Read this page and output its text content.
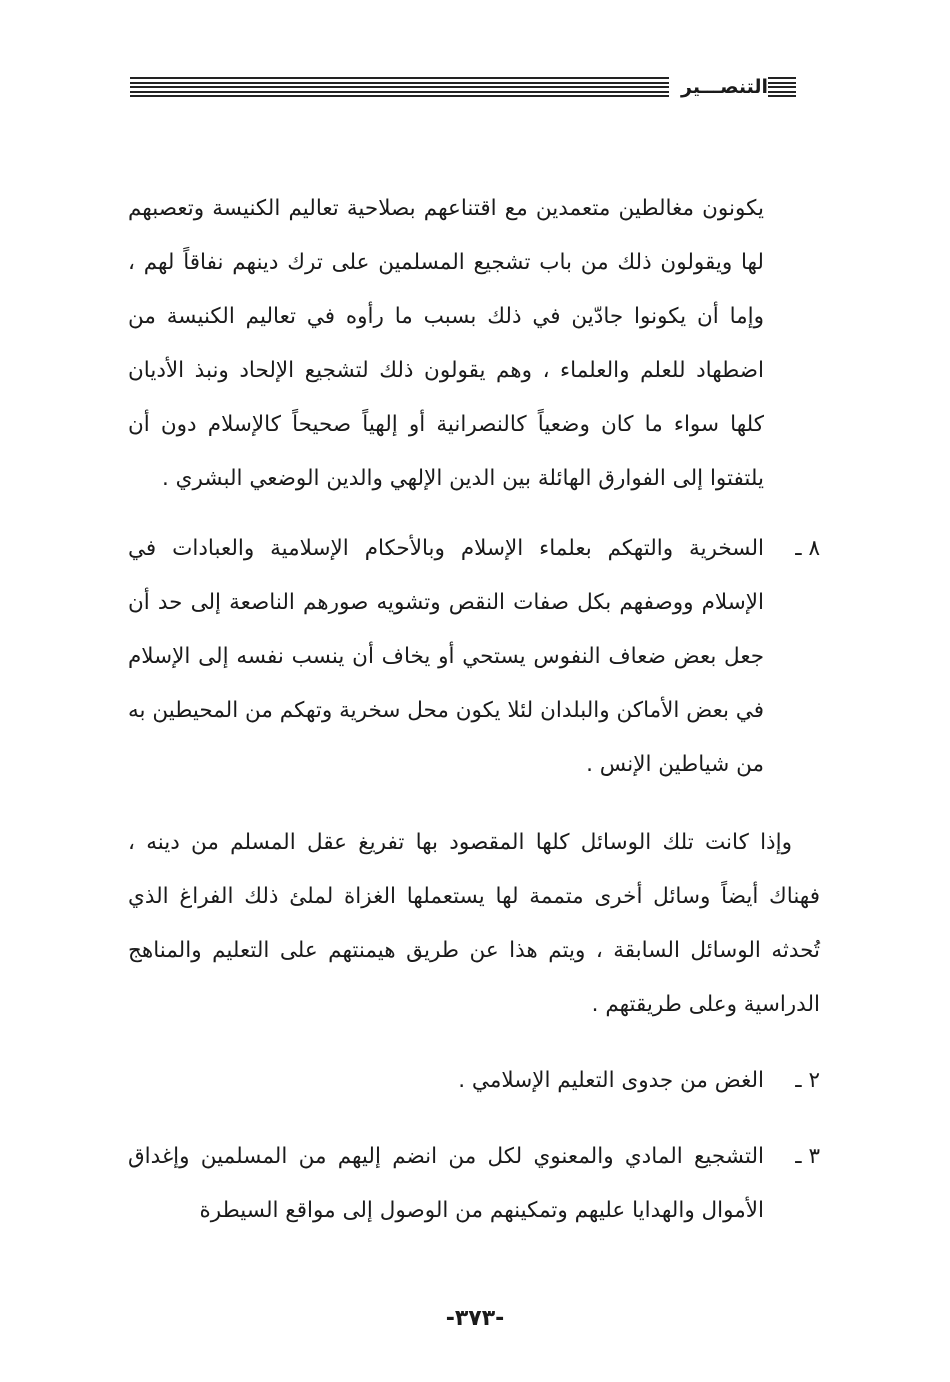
التنصـــير

يكونون مغالطين متعمدين مع اقتناعهم بصلاحية تعاليم الكنيسة وتعصبهم لها ويقولون ذلك من باب تشجيع المسلمين على ترك دينهم نفاقاً لهم ، وإما أن يكونوا جادّين في ذلك بسبب ما رأوه في تعاليم الكنيسة من اضطهاد للعلم والعلماء ، وهم يقولون ذلك لتشجيع الإلحاد ونبذ الأديان كلها سواء ما كان وضعياً كالنصرانية أو إلهياً صحيحاً كالإسلام دون أن يلتفتوا إلى الفوارق الهائلة بين الدين الإلهي والدين الوضعي البشري .

٨ ـ
السخرية والتهكم بعلماء الإسلام وبالأحكام الإسلامية والعبادات في الإسلام ووصفهم بكل صفات النقص وتشويه صورهم الناصعة إلى حد أن جعل بعض ضعاف النفوس يستحي أو يخاف أن ينسب نفسه إلى الإسلام في بعض الأماكن والبلدان لئلا يكون محل سخرية وتهكم من المحيطين به من شياطين الإنس .

وإذا كانت تلك الوسائل كلها المقصود بها تفريغ عقل المسلم من دينه ، فهناك أيضاً وسائل أخرى متممة لها يستعملها الغزاة لملئ ذلك الفراغ الذي تُحدثه الوسائل السابقة ، ويتم هذا عن طريق هيمنتهم على التعليم والمناهج الدراسية وعلى طريقتهم .

٢ ـ
الغض من جدوى التعليم الإسلامي .
٣ ـ
التشجيع المادي والمعنوي لكل من انضم إليهم من المسلمين وإغداق الأموال والهدايا عليهم وتمكينهم من الوصول إلى مواقع السيطرة
-٣٧٣-
